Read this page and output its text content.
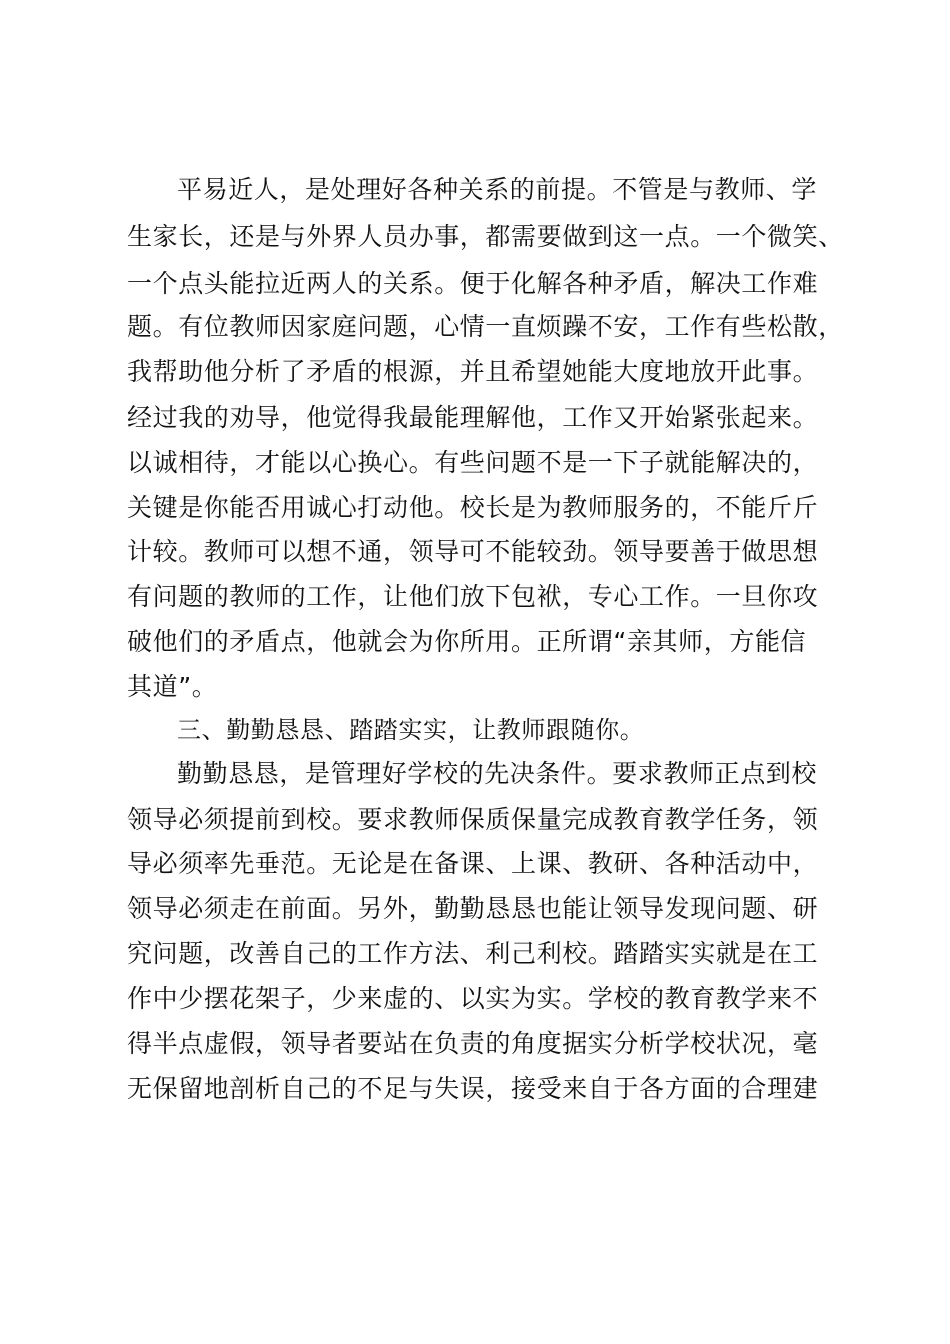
平易近人，是处理好各种关系的前提。不管是与教师、学
生家长，还是与外界人员办事，都需要做到这一点。一个微笑、
一个点头能拉近两人的关系。便于化解各种矛盾，解决工作难
题。有位教师因家庭问题，心情一直烦躁不安，工作有些松散，
我帮助他分析了矛盾的根源，并且希望她能大度地放开此事。
经过我的劝导，他觉得我最能理解他，工作又开始紧张起来。
以诚相待，才能以心换心。有些问题不是一下子就能解决的，
关键是你能否用诚心打动他。校长是为教师服务的，不能斤斤
计较。教师可以想不通，领导可不能较劲。领导要善于做思想
有问题的教师的工作，让他们放下包袱，专心工作。一旦你攻
破他们的矛盾点，他就会为你所用。正所谓“亲其师，方能信
其道”。
三、勤勤恳恳、踏踏实实，让教师跟随你。
勤勤恳恳，是管理好学校的先决条件。要求教师正点到校
领导必须提前到校。要求教师保质保量完成教育教学任务，领
导必须率先垂范。无论是在备课、上课、教研、各种活动中，
领导必须走在前面。另外，勤勤恳恳也能让领导发现问题、研
究问题，改善自己的工作方法、利己利校。踏踏实实就是在工
作中少摆花架子，少来虚的、以实为实。学校的教育教学来不
得半点虚假，领导者要站在负责的角度据实分析学校状况，毫
无保留地剖析自己的不足与失误，接受来自于各方面的合理建
